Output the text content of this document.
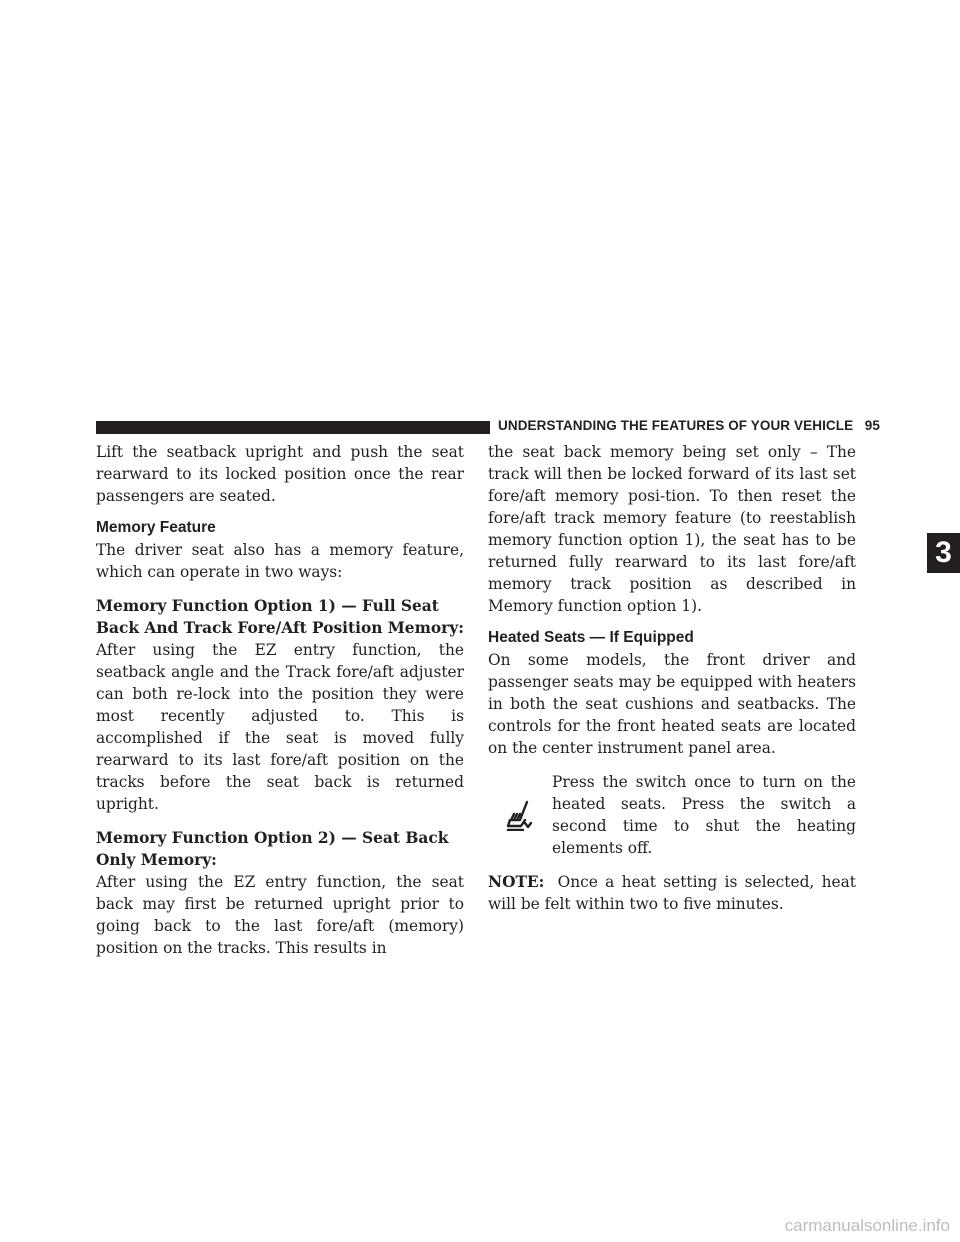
UNDERSTANDING THE FEATURES OF YOUR VEHICLE 95

Lift the seatback upright and push the seat rearward to its locked position once the rear passengers are seated.

Memory Feature

The driver seat also has a memory feature, which can operate in two ways:

Memory Function Option 1) — Full Seat Back And Track Fore/Aft Position Memory:

After using the EZ entry function, the seatback angle and the Track fore/aft adjuster can both re-lock into the position they were most recently adjusted to. This is accomplished if the seat is moved fully rearward to its last fore/aft position on the tracks before the seat back is returned upright.

Memory Function Option 2) — Seat Back Only Memory:

After using the EZ entry function, the seat back may first be returned upright prior to going back to the last fore/aft (memory) position on the tracks. This results in

the seat back memory being set only – The track will then be locked forward of its last set fore/aft memory posi-tion. To then reset the fore/aft track memory feature (to reestablish memory function option 1), the seat has to be returned fully rearward to its last fore/aft memory track position as described in Memory function option 1).

Heated Seats — If Equipped

On some models, the front driver and passenger seats may be equipped with heaters in both the seat cushions and seatbacks. The controls for the front heated seats are located on the center instrument panel area.

Press the switch once to turn on the heated seats. Press the switch a second time to shut the heating elements off.

NOTE: Once a heat setting is selected, heat will be felt within two to five minutes.

3
carmanualsonline.info
